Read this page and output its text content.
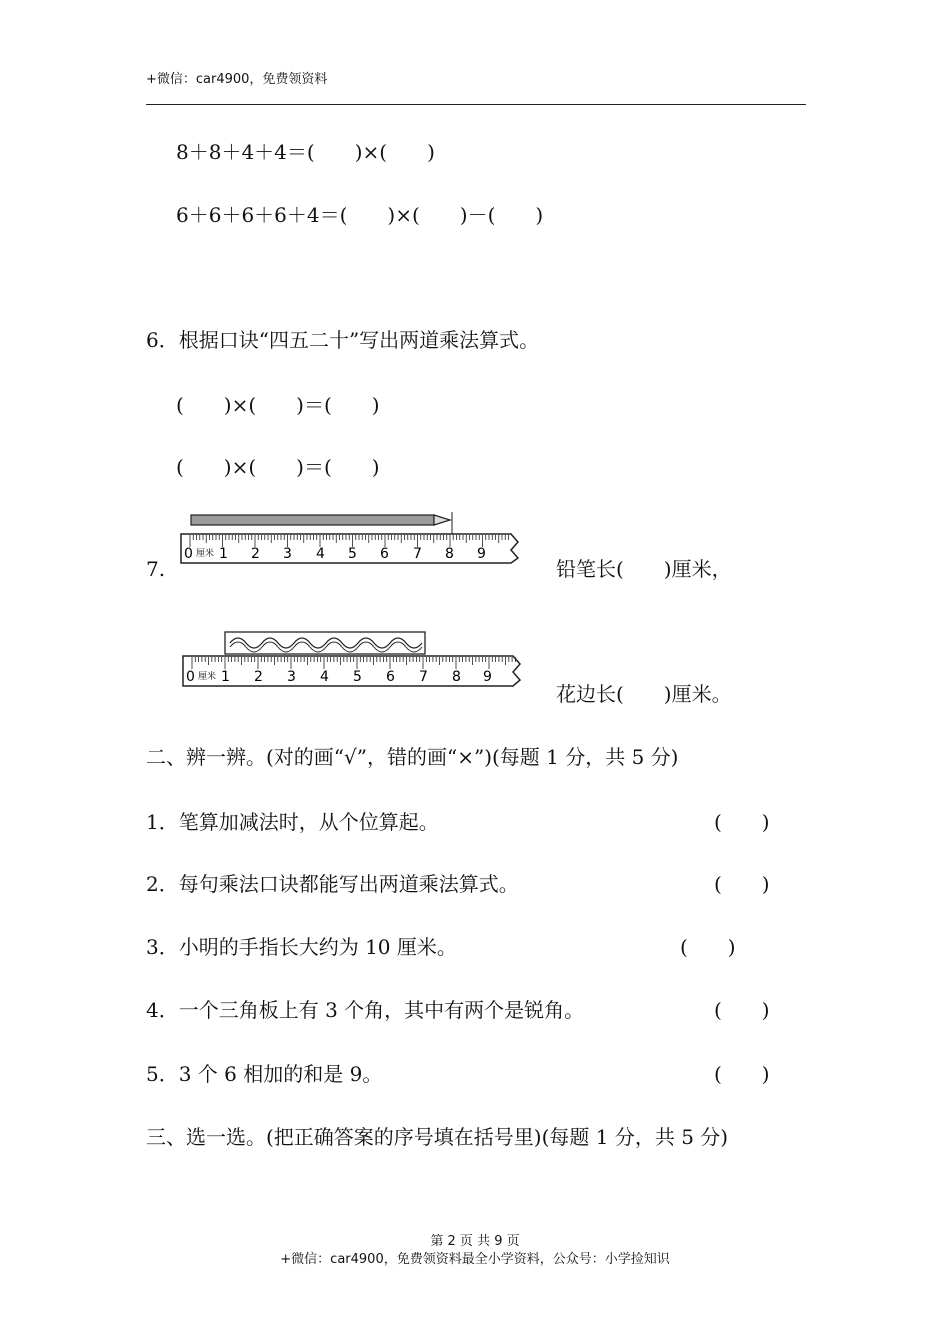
+微信：car4900，免费领资料
8＋8＋4＋4＝(　　)×(　　)
6＋6＋6＋6＋4＝(　　)×(　　)－(　　)
6．根据口诀“四五二十”写出两道乘法算式。
(　　)×(　　)＝(　　)
(　　)×(　　)＝(　　)
7.
0 厘米 1 2 3 4 5 6 7 8 9
铅笔长(　　)厘米，
0 厘米 1 2 3 4 5 6 7 8 9
花边长(　　)厘米。
二、辨一辨。(对的画“√”，错的画“×”)(每题 1 分，共 5 分)
1．笔算加减法时，从个位算起。	(　　)
2．每句乘法口诀都能写出两道乘法算式。	(　　)
3．小明的手指长大约为 10 厘米。	(　　)
4．一个三角板上有 3 个角，其中有两个是锐角。	(　　)
5．3 个 6 相加的和是 9。	(　　)
三、选一选。(把正确答案的序号填在括号里)(每题 1 分，共 5 分)
第 2 页 共 9 页
+微信：car4900，免费领资料最全小学资料，公众号：小学捡知识
